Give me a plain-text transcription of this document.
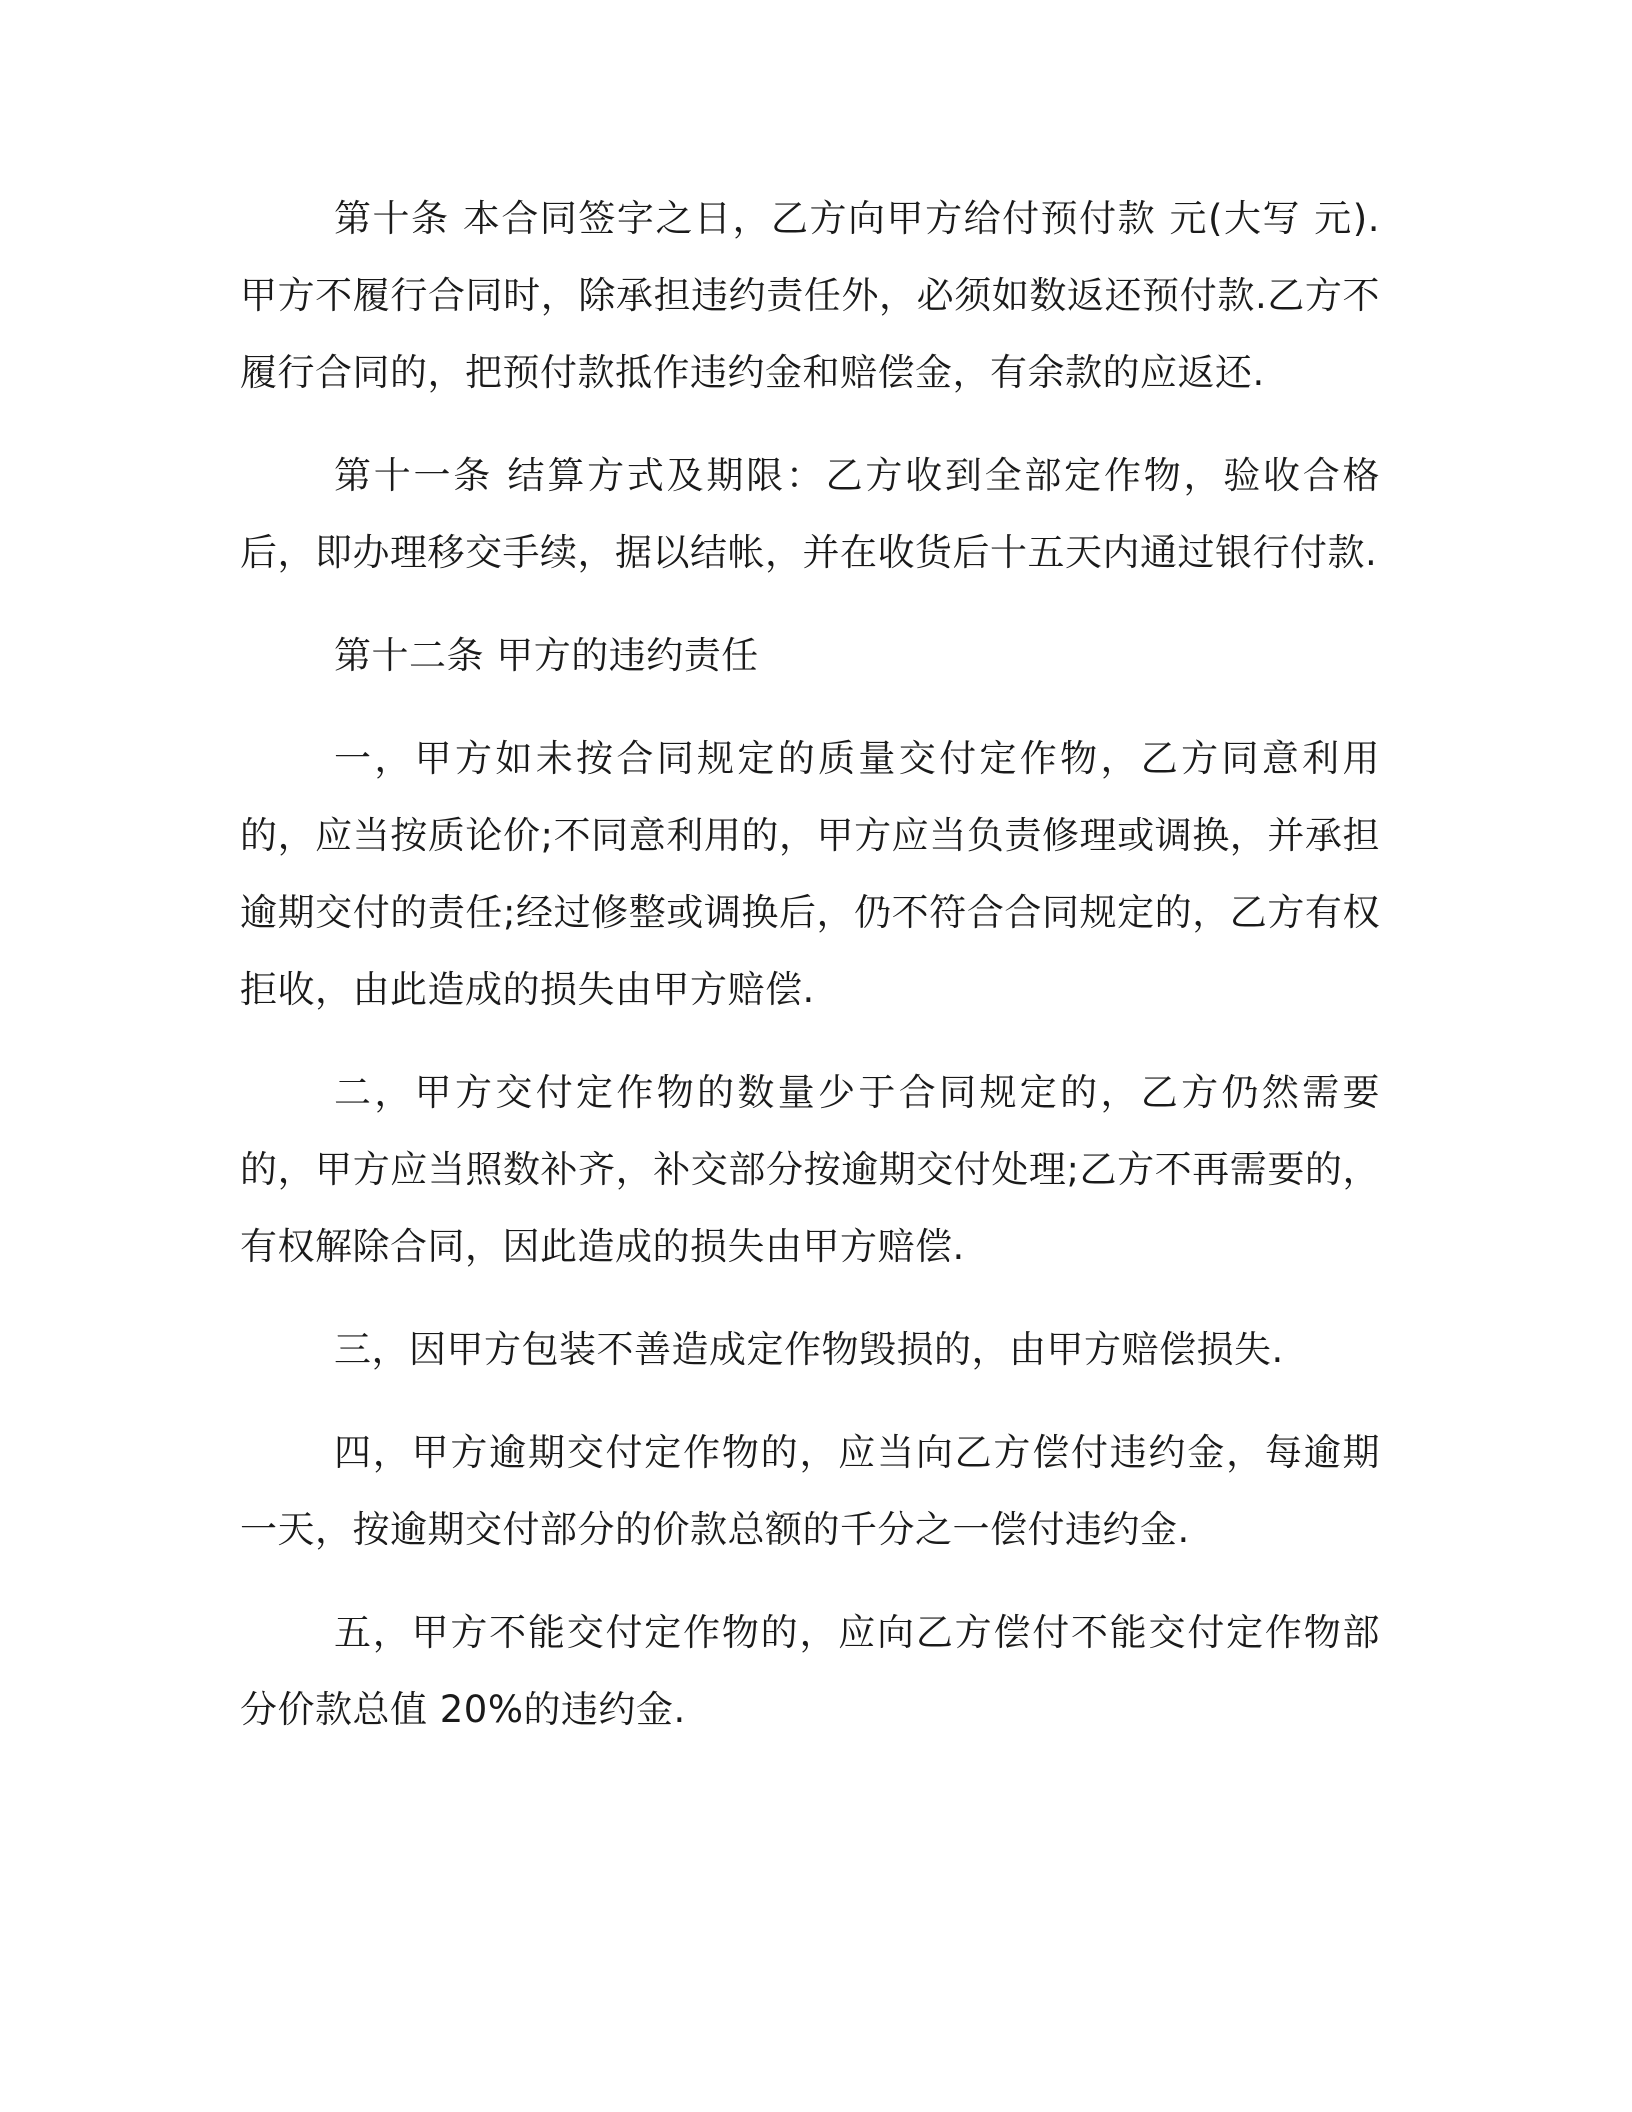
第十条 本合同签字之日，乙方向甲方给付预付款 元(大写 元).甲方不履行合同时，除承担违约责任外，必须如数返还预付款.乙方不履行合同的，把预付款抵作违约金和赔偿金，有余款的应返还.

第十一条 结算方式及期限：乙方收到全部定作物，验收合格后，即办理移交手续，据以结帐，并在收货后十五天内通过银行付款.

第十二条 甲方的违约责任

一，甲方如未按合同规定的质量交付定作物，乙方同意利用的，应当按质论价;不同意利用的，甲方应当负责修理或调换，并承担逾期交付的责任;经过修整或调换后，仍不符合合同规定的，乙方有权拒收，由此造成的损失由甲方赔偿.

二，甲方交付定作物的数量少于合同规定的，乙方仍然需要的，甲方应当照数补齐，补交部分按逾期交付处理;乙方不再需要的，有权解除合同，因此造成的损失由甲方赔偿.

三，因甲方包装不善造成定作物毁损的，由甲方赔偿损失.

四，甲方逾期交付定作物的，应当向乙方偿付违约金，每逾期一天，按逾期交付部分的价款总额的千分之一偿付违约金.

五，甲方不能交付定作物的，应向乙方偿付不能交付定作物部分价款总值 20%的违约金.
